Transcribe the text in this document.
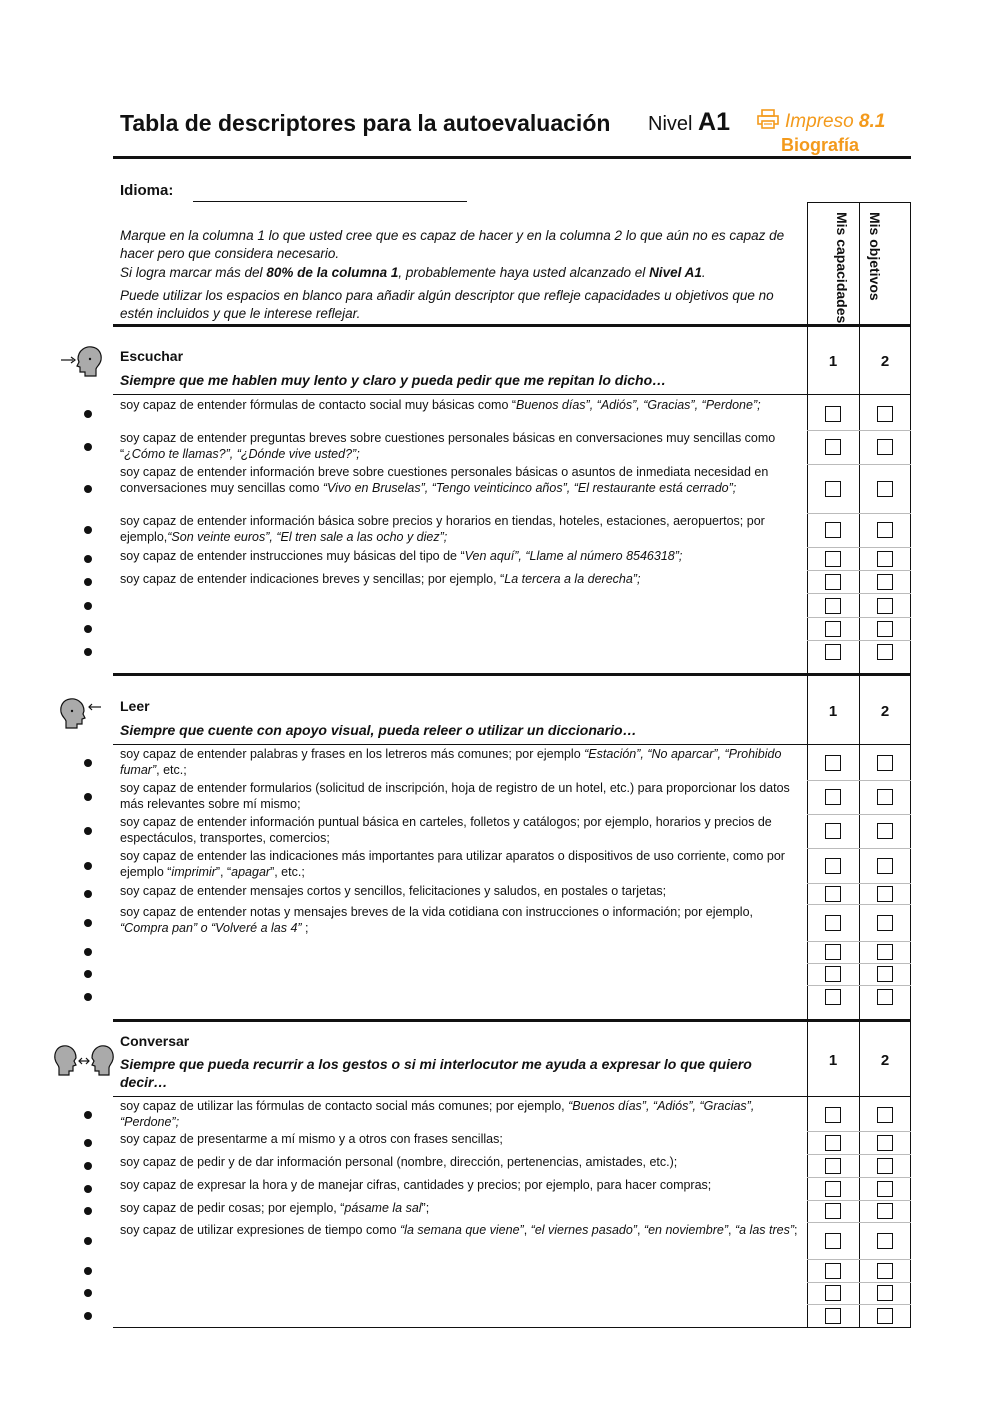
Tabla de descriptores para la autoevaluación Nivel A1	Impreso 8.1
Biografía
Idioma:
Marque en la columna 1 lo que usted cree que es capaz de hacer y en la columna 2 lo que aún no es capaz de hacer pero que considera necesario.
Si logra marcar más del 80% de la columna 1, probablemente haya usted alcanzado el Nivel A1.
Puede utilizar los espacios en blanco para añadir algún descriptor que refleje capacidades u objetivos que no estén incluidos y que le interese reflejar.	Mis capacidades Mis objetivos
Escuchar
Siempre que me hablen muy lento y claro y pueda pedir que me repitan lo dicho…
1	2
soy capaz de entender fórmulas de contacto social muy básicas como “Buenos días”, “Adiós”, “Gracias”, “Perdone”;
soy capaz de entender preguntas breves sobre cuestiones personales básicas en conversaciones muy sencillas como “¿Cómo te llamas?”, “¿Dónde vive usted?”;
soy capaz de entender información breve sobre cuestiones personales básicas o asuntos de inmediata necesidad en conversaciones muy sencillas como “Vivo en Bruselas”, “Tengo veinticinco años”, “El restaurante está cerrado”;
soy capaz de entender información básica sobre precios y horarios en tiendas, hoteles, estaciones, aeropuertos; por ejemplo,“Son veinte euros”, “El tren sale a las ocho y diez”;
soy capaz de entender instrucciones muy básicas del tipo de “Ven aquí”, “Llame al número 8546318”;
soy capaz de entender indicaciones breves y sencillas; por ejemplo, “La tercera a la derecha”;
Leer
Siempre que cuente con apoyo visual, pueda releer o utilizar un diccionario…
1	2
soy capaz de entender palabras y frases en los letreros más comunes; por ejemplo “Estación”, “No aparcar”, “Prohibido fumar”, etc.;
soy capaz de entender formularios (solicitud de inscripción, hoja de registro de un hotel, etc.) para proporcionar los datos más relevantes sobre mí mismo;
soy capaz de entender información puntual básica en carteles, folletos y catálogos; por ejemplo, horarios y precios de espectáculos, transportes, comercios;
soy capaz de entender las indicaciones más importantes para utilizar aparatos o dispositivos de uso corriente, como por ejemplo “imprimir”, “apagar”, etc.;
soy capaz de entender mensajes cortos y sencillos, felicitaciones y saludos, en postales o tarjetas;
soy capaz de entender notas y mensajes breves de la vida cotidiana con instrucciones o información; por ejemplo, “Compra pan” o “Volveré a las 4” ;
Conversar
Siempre que pueda recurrir a los gestos o si mi interlocutor me ayuda a expresar lo que quiero decir…
1	2
soy capaz de utilizar las fórmulas de contacto social más comunes; por ejemplo, “Buenos días”, “Adiós”, “Gracias”, “Perdone”;
soy capaz de presentarme a mí mismo y a otros con frases sencillas;
soy capaz de pedir y de dar información personal (nombre, dirección, pertenencias, amistades, etc.);
soy capaz de expresar la hora y de manejar cifras, cantidades y precios; por ejemplo, para hacer compras;
soy capaz de pedir cosas; por ejemplo, “pásame la sal”;
soy capaz de utilizar expresiones de tiempo como “la semana que viene”, “el viernes pasado”, “en noviembre”, “a las tres”;
